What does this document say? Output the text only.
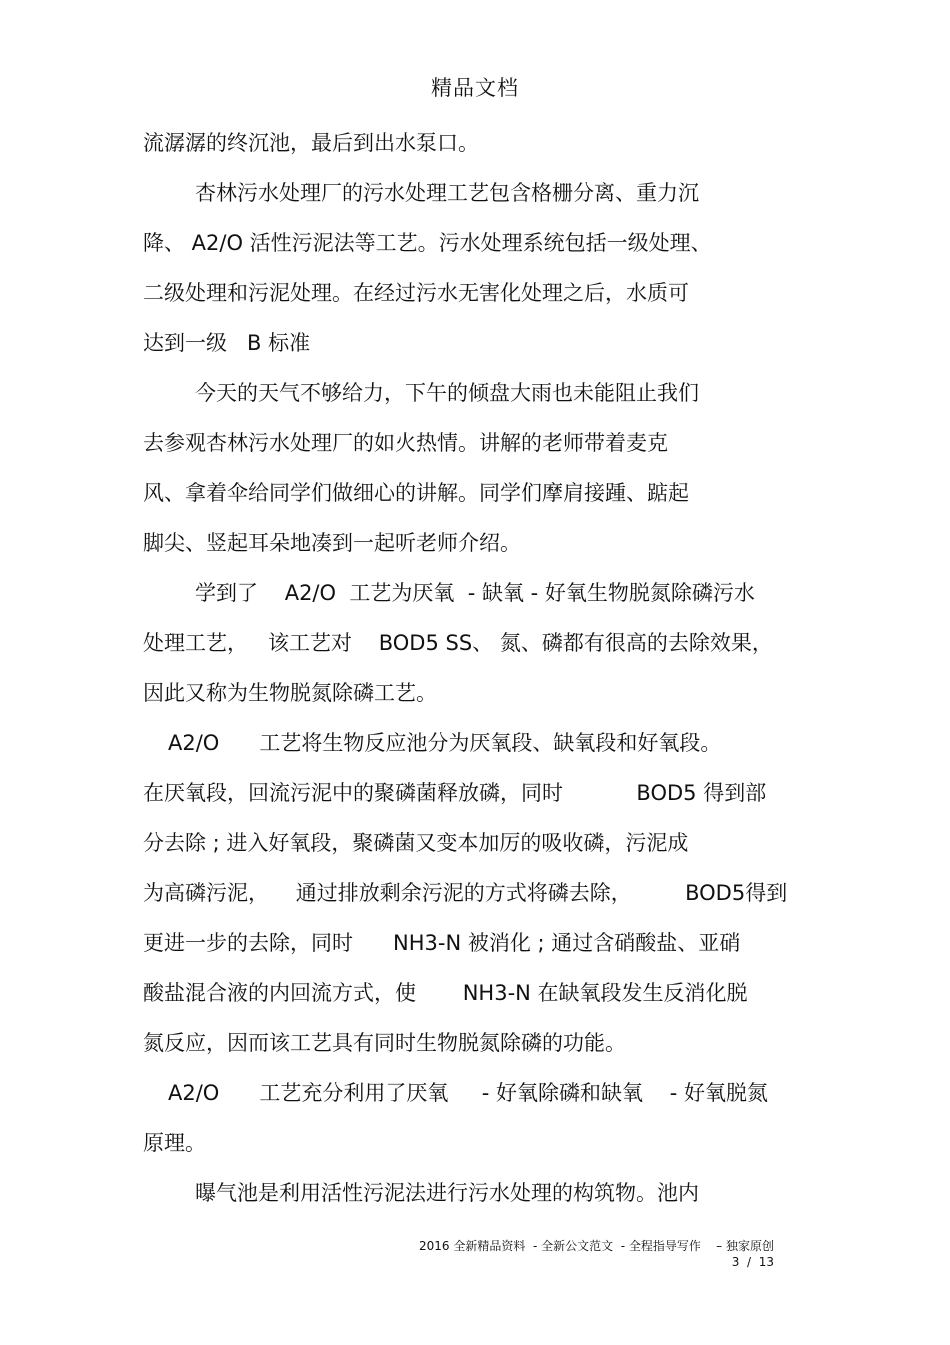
精品文档
流潺潺的终沉池，最后到出水泵口。
杏林污水处理厂的污水处理工艺包含格栅分离、重力沉
降、 A2/O 活性污泥法等工艺。污水处理系统包括一级处理、
二级处理和污泥处理。在经过污水无害化处理之后，水质可
达到一级   B 标准
今天的天气不够给力，下午的倾盘大雨也未能阻止我们
去参观杏林污水处理厂的如火热情。讲解的老师带着麦克
风、拿着伞给同学们做细心的讲解。同学们摩肩接踵、踮起
脚尖、竖起耳朵地凑到一起听老师介绍。
学到了    A2/O  工艺为厌氧  - 缺氧 - 好氧生物脱氮除磷污水
处理工艺，   该工艺对    BOD5 SS、 氮、磷都有很高的去除效果，
因此又称为生物脱氮除磷工艺。
A2/O      工艺将生物反应池分为厌氧段、缺氧段和好氧段。
在厌氧段，回流污泥中的聚磷菌释放磷，同时           BOD5 得到部
分去除 ; 进入好氧段，聚磷菌又变本加厉的吸收磷，污泥成
为高磷污泥，    通过排放剩余污泥的方式将磷去除，        BOD5得到
更进一步的去除，同时      NH3-N 被消化 ; 通过含硝酸盐、亚硝
酸盐混合液的内回流方式，使       NH3-N 在缺氧段发生反消化脱
氮反应，因而该工艺具有同时生物脱氮除磷的功能。
A2/O      工艺充分利用了厌氧     - 好氧除磷和缺氧    - 好氧脱氮
原理。
曝气池是利用活性污泥法进行污水处理的构筑物。池内
2016 全新精品资料  - 全新公文范文  - 全程指导写作    – 独家原创
3  /  13
